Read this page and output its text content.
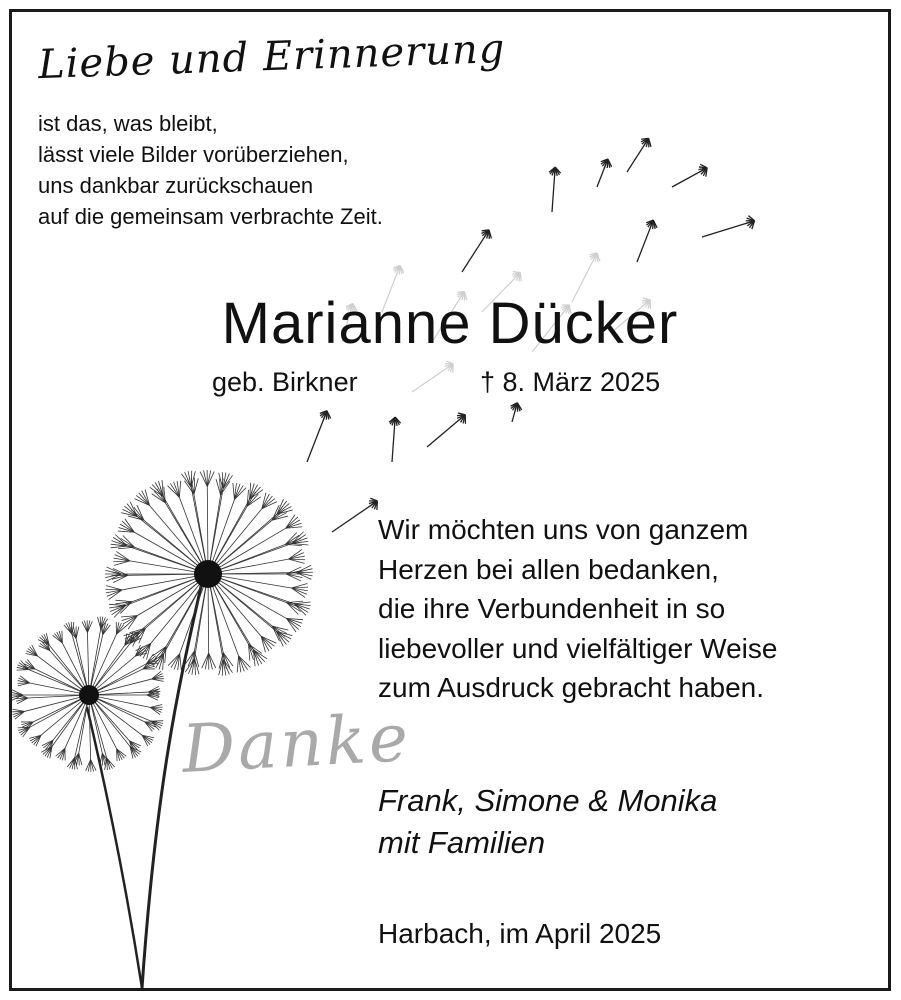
Liebe und Erinnerung
ist das, was bleibt,
lässt viele Bilder vorüberziehen,
uns dankbar zurückschauen
auf die gemeinsam verbrachte Zeit.
Marianne Dücker
geb. Birkner	† 8. März 2025
Wir möchten uns von ganzem
Herzen bei allen bedanken,
die ihre Verbundenheit in so
liebevoller und vielfältiger Weise
zum Ausdruck gebracht haben.
Danke
Frank, Simone & Monika
mit Familien
Harbach, im April 2025
